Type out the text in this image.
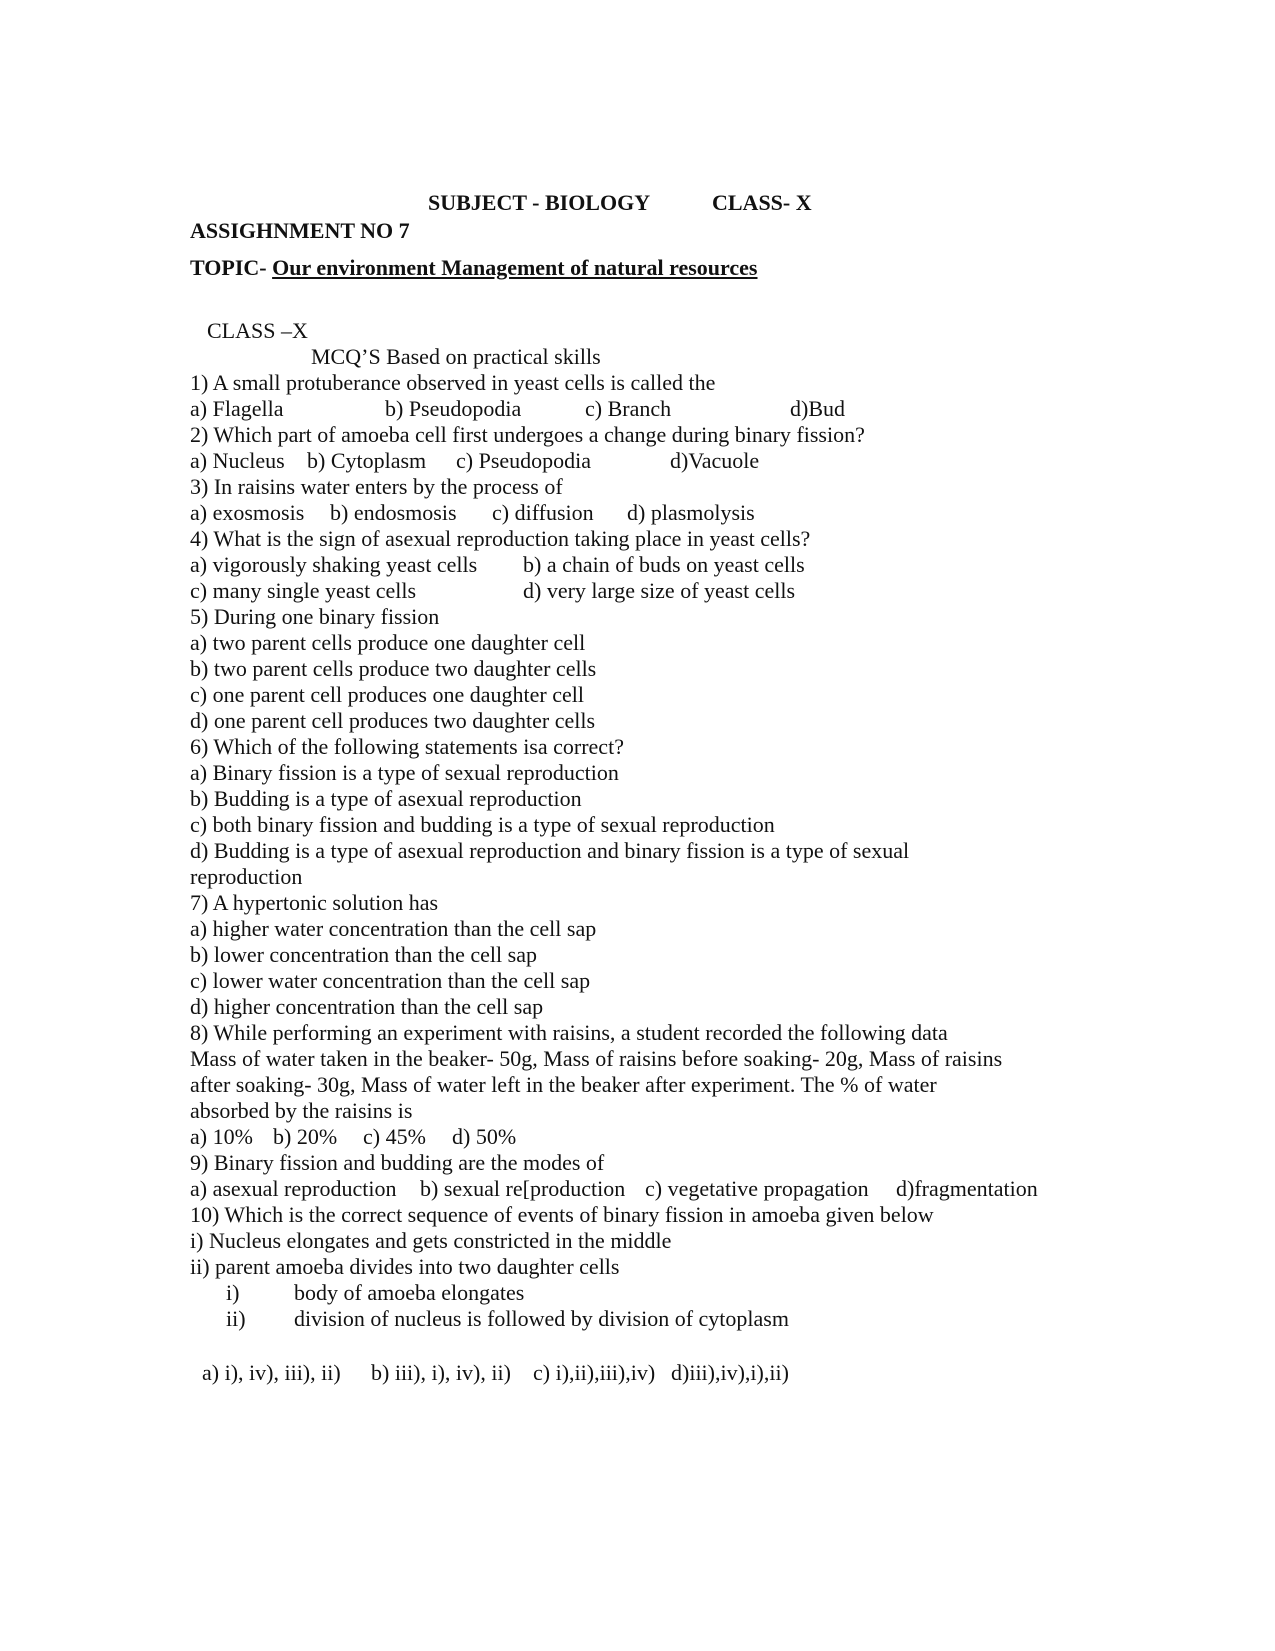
SUBJECT - BIOLOGY	CLASS- X
ASSIGHNMENT NO 7
TOPIC- Our environment Management of natural resources
CLASS –X
MCQ’S Based on practical skills
1) A small protuberance observed in yeast cells is called the
a) Flagella	b) Pseudopodia	c) Branch	d)Bud
2) Which part of amoeba cell first undergoes a change during binary fission?
a) Nucleus b) Cytoplasm c) Pseudopodia	d)Vacuole
3) In raisins water enters by the process of
a) exosmosis b) endosmosis c) diffusion d) plasmolysis
4) What is the sign of asexual reproduction taking place in yeast cells?
a) vigorously shaking yeast cells b) a chain of buds on yeast cells
c) many single yeast cells	d) very large size of yeast cells
5) During one binary fission
a) two parent cells produce one daughter cell
b) two parent cells produce two daughter cells
c) one parent cell produces one daughter cell
d) one parent cell produces two daughter cells
6) Which of the following statements isa correct?
a) Binary fission is a type of sexual reproduction
b) Budding is a type of asexual reproduction
c) both binary fission and budding is a type of sexual reproduction
d) Budding is a type of asexual reproduction and binary fission is a type of sexual
reproduction
7) A hypertonic solution has
a) higher water concentration than the cell sap
b) lower concentration than the cell sap
c) lower water concentration than the cell sap
d) higher concentration than the cell sap
8) While performing an experiment with raisins, a student recorded the following data
Mass of water taken in the beaker- 50g, Mass of raisins before soaking- 20g, Mass of raisins
after soaking- 30g, Mass of water left in the beaker after experiment. The % of water
absorbed by the raisins is
a) 10% b) 20% c) 45% d) 50%
9) Binary fission and budding are the modes of
a) asexual reproduction b) sexual re[production c) vegetative propagation d)fragmentation
10) Which is the correct sequence of events of binary fission in amoeba given below
i) Nucleus elongates and gets constricted in the middle
ii) parent amoeba divides into two daughter cells
i) body of amoeba elongates
ii) division of nucleus is followed by division of cytoplasm
a) i), iv), iii), ii) b) iii), i), iv), ii) c) i),ii),iii),iv) d)iii),iv),i),ii)
